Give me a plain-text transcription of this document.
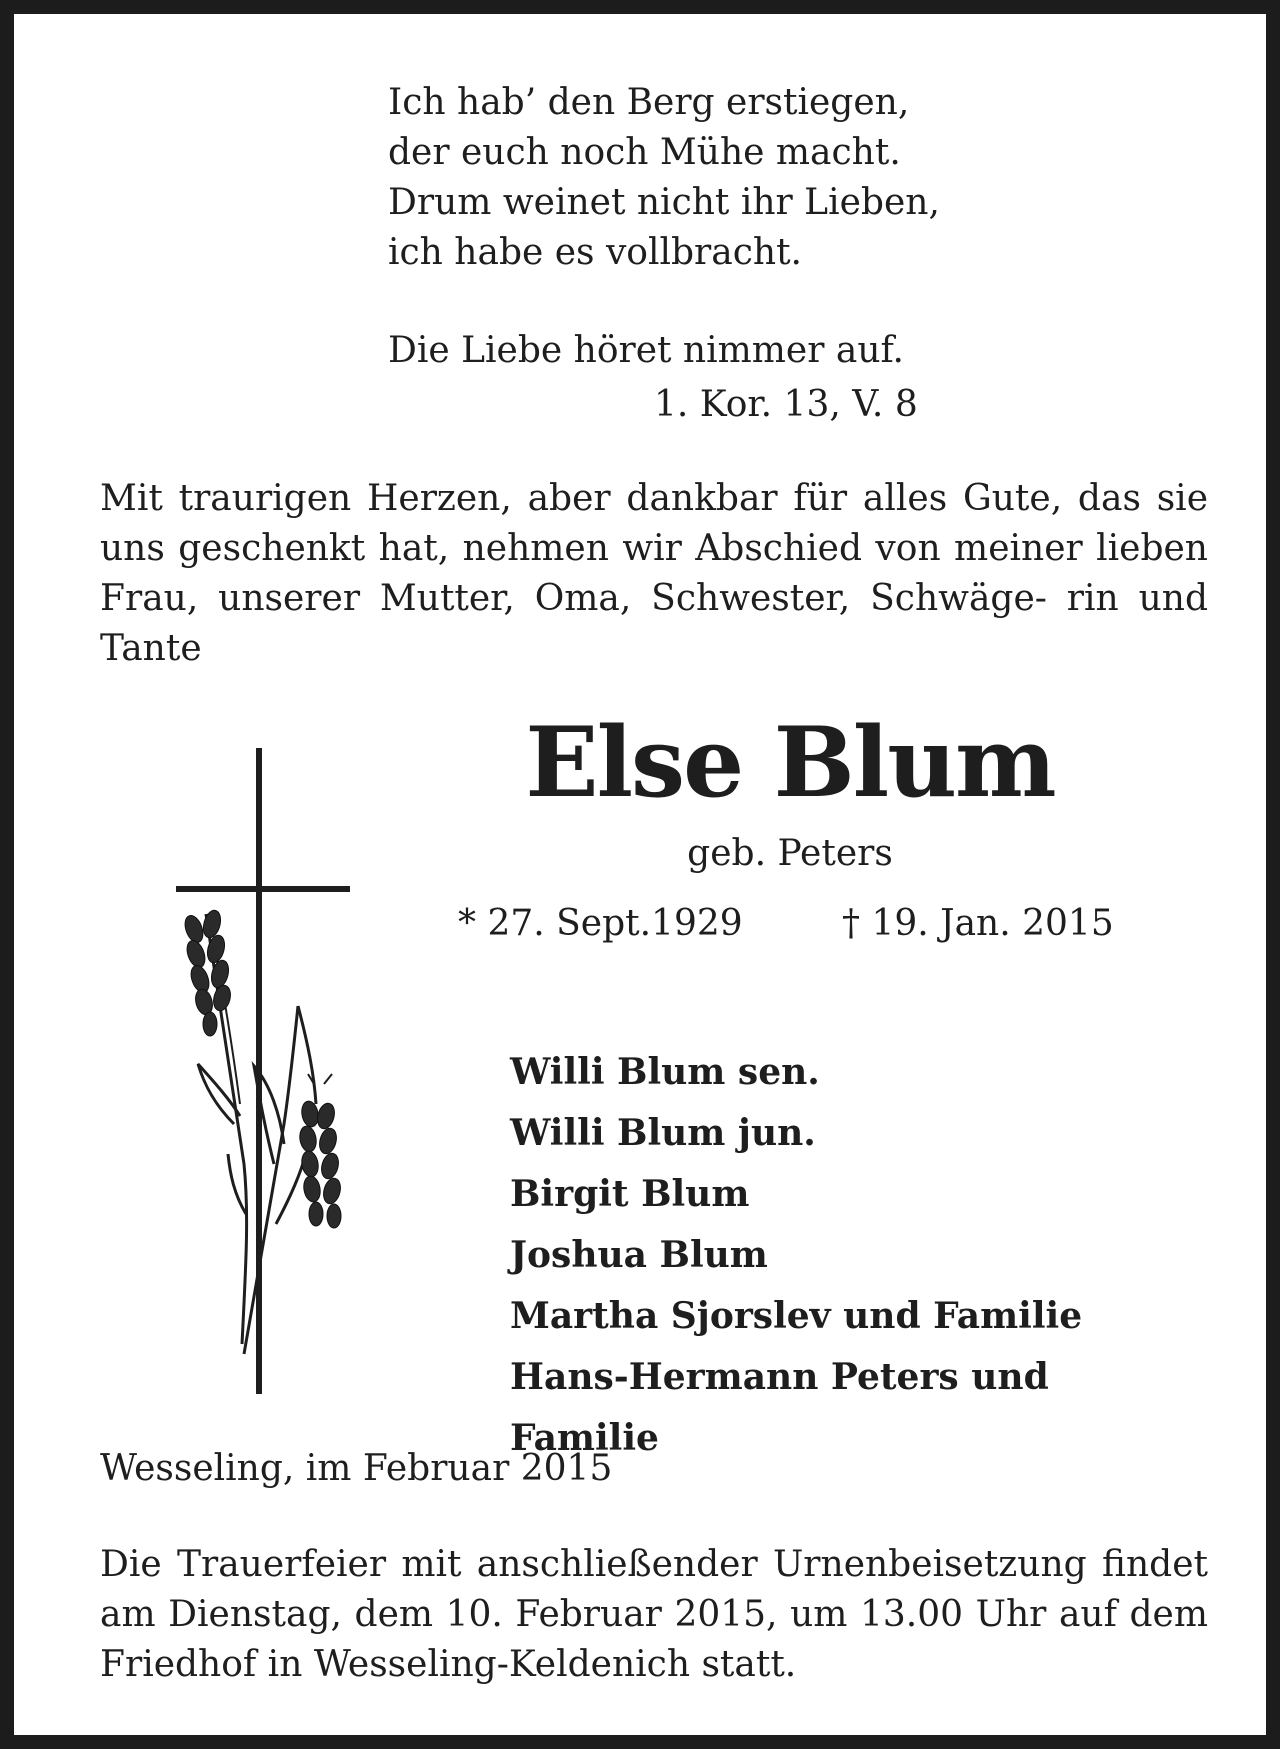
Ich hab’ den Berg erstiegen,
der euch noch Mühe macht.
Drum weinet nicht ihr Lieben,
ich habe es vollbracht.
Die Liebe höret nimmer auf.
1. Kor. 13, V. 8
Mit traurigen Herzen, aber dankbar für alles Gute, das sie uns geschenkt hat, nehmen wir Abschied von meiner lieben Frau, unserer Mutter, Oma, Schwester, Schwäge- rin und Tante
Else Blum
geb. Peters
* 27. Sept.1929	† 19. Jan. 2015
Willi Blum sen.
Willi Blum jun.
Birgit Blum
Joshua Blum
Martha Sjorslev und Familie
Hans-Hermann Peters und Familie
Wesseling, im Februar 2015
Die Trauerfeier mit anschließender Urnenbeisetzung findet am Dienstag, dem 10. Februar 2015, um 13.00 Uhr auf dem Friedhof in Wesseling-Keldenich statt.
